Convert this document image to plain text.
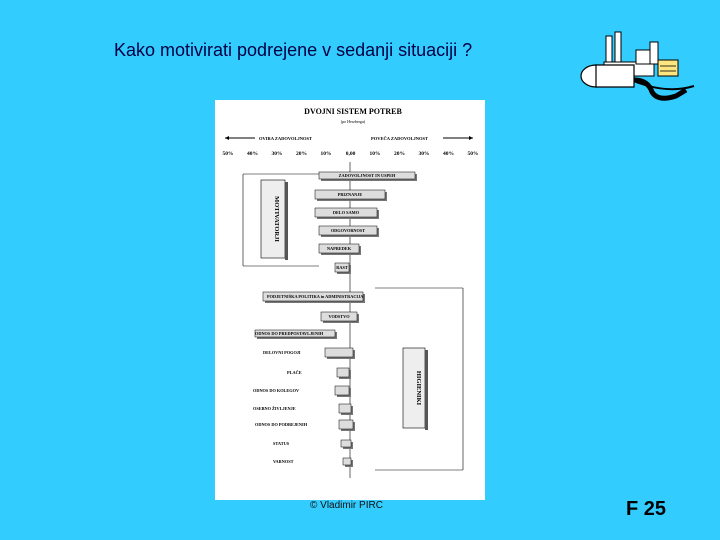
Kako motivirati podrejene v sedanji situaciji ?
DVOJNI SISTEM POTREB
(po Herzbergu)
OVIRA ZADOVOLJNOST	POVEČA ZADOVOLJNOST
50% 40% 30% 20% 10%	0,00	10% 20% 30% 40% 50%
MOTIVATORJI
HIGIENIKI
ZADOVOLJNOST IN USPEH
PRIZNANJE
DELO SAMO
ODGOVORNOST
NAPREDEK
RAST
PODJETNIŠKA POLITIKA in ADMINISTRACIJA
VODSTVO
ODNOS DO PREDPOSTAVLJENIH
DELOVNI POGOJI
PLAČE
ODNOS DO KOLEGOV
OSEBNO ŽIVLJENJE
ODNOS DO PODREJENIH
STATUS
VARNOST
© Vladimir PIRC	F 25
